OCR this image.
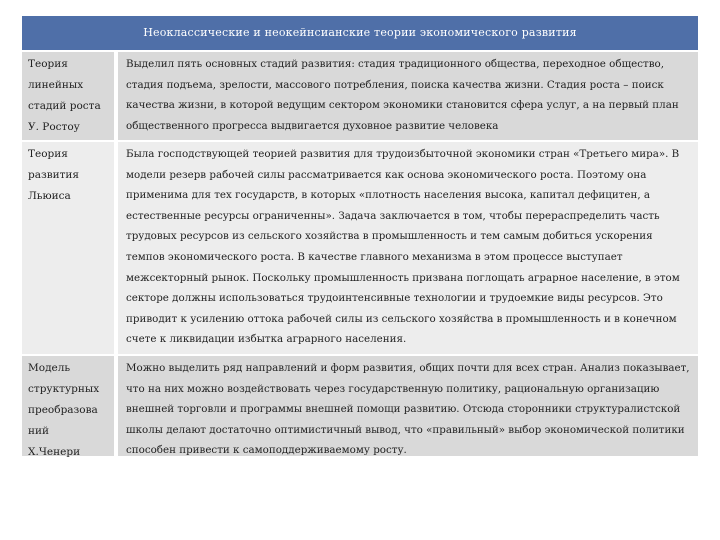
Неоклассические и неокейнсианские теории экономического развития
Теория
линейных
стадий роста
У. Ростоу
Выделил пять основных стадий развития: стадия традиционного общества, переходное общество, стадия подъема, зрелости, массового потребления, поиска качества жизни. Стадия роста – поиск качества жизни, в которой ведущим сектором экономики становится сфера услуг, а на первый план общественного прогресса выдвигается духовное развитие человека
Теория
развития
Льюиса
Была господствующей теорией развития для трудоизбыточной экономики стран «Третьего мира». В модели резерв рабочей силы рассматривается как основа экономического роста. Поэтому она применима для тех государств, в которых «плотность населения высока, капитал дефицитен, а естественные ресурсы ограниченны». Задача заключается в том, чтобы перераспределить часть трудовых ресурсов из сельского хозяйства в промышленность и тем самым добиться ускорения темпов экономического роста. В качестве главного механизма в этом процессе выступает межсекторный рынок. Поскольку промышленность призвана поглощать аграрное население, в этом секторе должны использоваться трудоинтенсивные технологии и трудоемкие виды ресурсов. Это приводит к усилению оттока рабочей силы из сельского хозяйства в промышленность и в конечном счете к ликвидации избытка аграрного населения.
Модель
структурных
преобразова
ний
Х.Ченери
Можно выделить ряд направлений и форм развития, общих почти для всех стран. Анализ показывает, что на них можно воздействовать через государственную политику, рациональную организацию внешней торговли и программы внешней помощи развитию. Отсюда сторонники структуралистской школы делают достаточно оптимистичный вывод, что «правильный» выбор экономической политики способен привести к самоподдерживаемому росту.
